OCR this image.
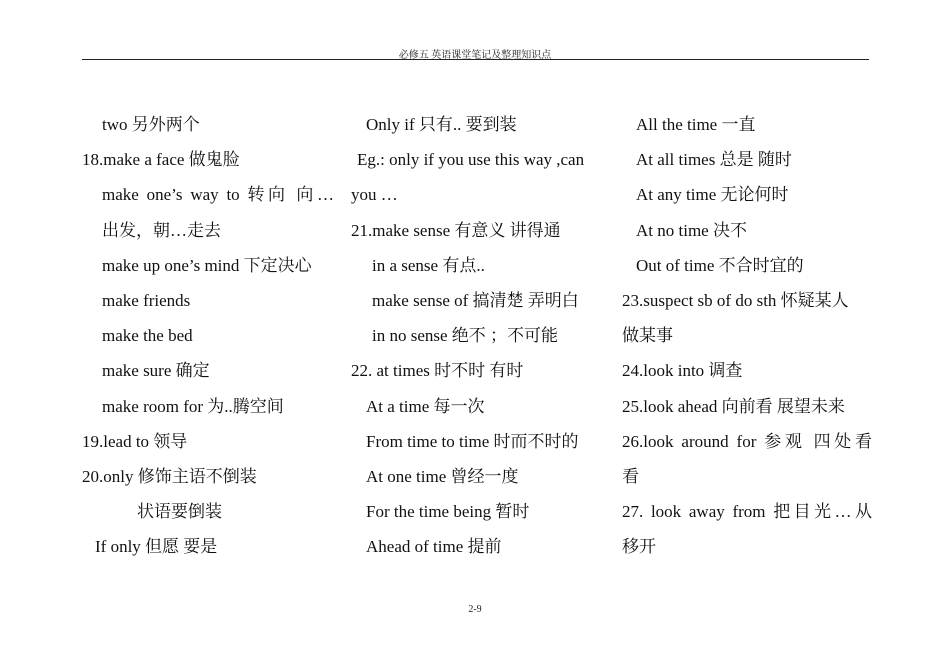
必修五 英语课堂笔记及整理知识点
two 另外两个
18.make a face 做鬼脸
make one’s way to 转向 向…
出发，朝…走去
make up one’s mind 下定决心
make friends
make the bed
make sure 确定
make room for 为..腾空间
19.lead to 领导
20.only 修饰主语不倒装
状语要倒装
If only 但愿 要是
Only if 只有.. 要到装
Eg.: only if you use this way ,can
you …
21.make sense 有意义 讲得通
in a sense 有点..
make sense of 搞清楚 弄明白
in no sense 绝不 ；不可能
22. at times 时不时 有时
At a time 每一次
From time to time 时而不时的
At one time 曾经一度
For the time being 暂时
Ahead of time 提前
All the time 一直
At all times 总是 随时
At any time 无论何时
At no time 决不
Out of time 不合时宜的
23.suspect sb of do sth 怀疑某人
做某事
24.look into 调查
25.look ahead 向前看 展望未来
26.look around for 参观 四处看
看
27. look away from 把目光…从
移开
2-9
